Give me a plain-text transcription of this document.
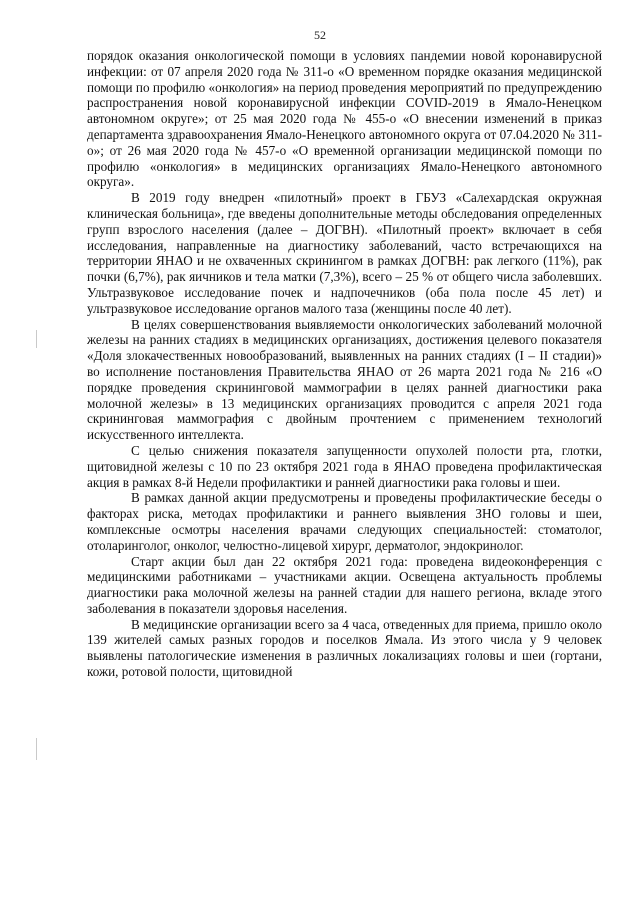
52

порядок оказания онкологической помощи в условиях пандемии новой коронавирусной инфекции: от 07 апреля 2020 года № 311-о «О временном порядке оказания медицинской помощи по профилю «онкология» на период проведения мероприятий по предупреждению распространения новой коронавирусной инфекции COVID-2019 в Ямало-Ненецком автономном округе»; от 25 мая 2020 года № 455-о «О внесении изменений в приказ департамента здравоохранения Ямало-Ненецкого автономного округа от 07.04.2020 № 311-о»; от 26 мая 2020 года № 457-о «О временной организации медицинской помощи по профилю «онкология» в медицинских организациях Ямало-Ненецкого автономного округа».

В 2019 году внедрен «пилотный» проект в ГБУЗ «Салехардская окружная клиническая больница», где введены дополнительные методы обследования определенных групп взрослого населения (далее – ДОГВН). «Пилотный проект» включает в себя исследования, направленные на диагностику заболеваний, часто встречающихся на территории ЯНАО и не охваченных скринингом в рамках ДОГВН: рак легкого (11%), рак почки (6,7%), рак яичников и тела матки (7,3%), всего – 25 % от общего числа заболевших. Ультразвуковое исследование почек и надпочечников (оба пола после 45 лет) и ультразвуковое исследование органов малого таза (женщины после 40 лет).

В целях совершенствования выявляемости онкологических заболеваний молочной железы на ранних стадиях в медицинских организациях, достижения целевого показателя «Доля злокачественных новообразований, выявленных на ранних стадиях (I – II стадии)» во исполнение постановления Правительства ЯНАО от 26 марта 2021 года № 216 «О порядке проведения скрининговой маммографии в целях ранней диагностики рака молочной железы» в 13 медицинских организациях проводится с апреля 2021 года скрининговая маммография с двойным прочтением с применением технологий искусственного интеллекта.

С целью снижения показателя запущенности опухолей полости рта, глотки, щитовидной железы с 10 по 23 октября 2021 года в ЯНАО проведена профилактическая акция в рамках 8-й Недели профилактики и ранней диагностики рака головы и шеи.

В рамках данной акции предусмотрены и проведены профилактические беседы о факторах риска, методах профилактики и раннего выявления ЗНО головы и шеи, комплексные осмотры населения врачами следующих специальностей: стоматолог, отоларинголог, онколог, челюстно-лицевой хирург, дерматолог, эндокринолог.

Старт акции был дан 22 октября 2021 года: проведена видеоконференция с медицинскими работниками – участниками акции. Освещена актуальность проблемы диагностики рака молочной железы на ранней стадии для нашего региона, вкладе этого заболевания в показатели здоровья населения.

В медицинские организации всего за 4 часа, отведенных для приема, пришло около 139 жителей самых разных городов и поселков Ямала. Из этого числа у 9 человек выявлены патологические изменения в различных локализациях головы и шеи (гортани, кожи, ротовой полости, щитовидной
